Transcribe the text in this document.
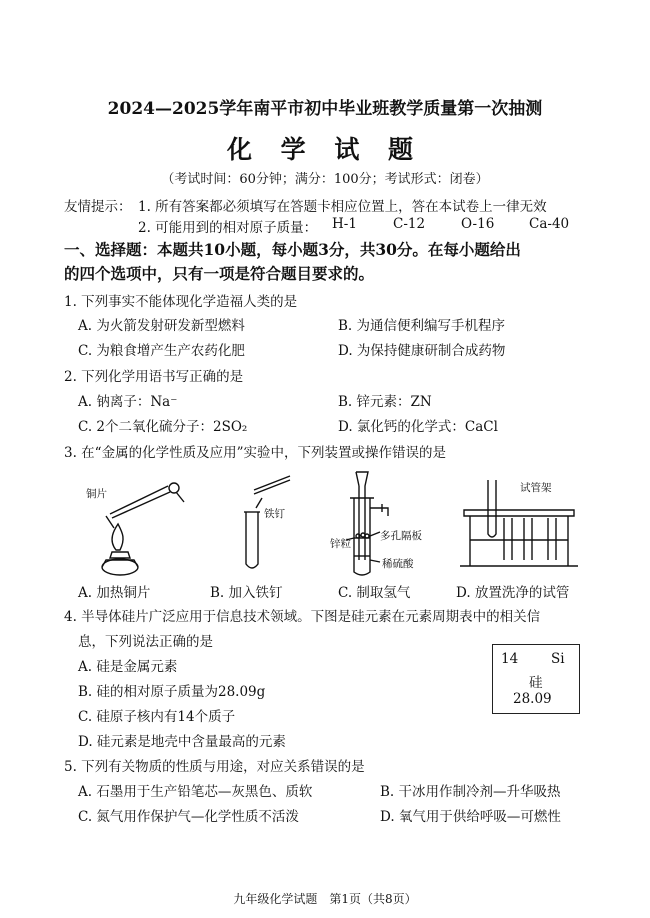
2024—2025学年南平市初中毕业班教学质量第一次抽测
化 学 试 题
（考试时间：60分钟；满分：100分；考试形式：闭卷）
友情提示： 1. 所有答案都必须填写在答题卡相应位置上，答在本试卷上一律无效
2. 可能用到的相对原子质量： H-1	C-12	O-16	Ca-40
一、选择题：本题共10小题，每小题3分，共30分。在每小题给出
的四个选项中，只有一项是符合题目要求的。
1. 下列事实不能体现化学造福人类的是
A. 为火箭发射研发新型燃料	B. 为通信便利编写手机程序
C. 为粮食增产生产农药化肥	D. 为保持健康研制合成药物
2. 下列化学用语书写正确的是
A. 钠离子：Na⁻	B. 锌元素：ZN
C. 2个二氧化硫分子：2SO₂	D. 氯化钙的化学式：CaCl
3. 在“金属的化学性质及应用”实验中，下列装置或操作错误的是
铜片
铁钉
多孔隔板
锌粒
稀硫酸
试管架
A. 加热铜片	B. 加入铁钉	C. 制取氢气	D. 放置洗净的试管
4. 半导体硅片广泛应用于信息技术领域。下图是硅元素在元素周期表中的相关信
息，下列说法正确的是
A. 硅是金属元素
B. 硅的相对原子质量为28.09g
C. 硅原子核内有14个质子
D. 硅元素是地壳中含量最高的元素
14 Si
硅
28.09
5. 下列有关物质的性质与用途，对应关系错误的是
A. 石墨用于生产铅笔芯—灰黑色、质软	B. 干冰用作制冷剂—升华吸热
C. 氮气用作保护气—化学性质不活泼	D. 氧气用于供给呼吸—可燃性
九年级化学试题　第1页（共8页）
